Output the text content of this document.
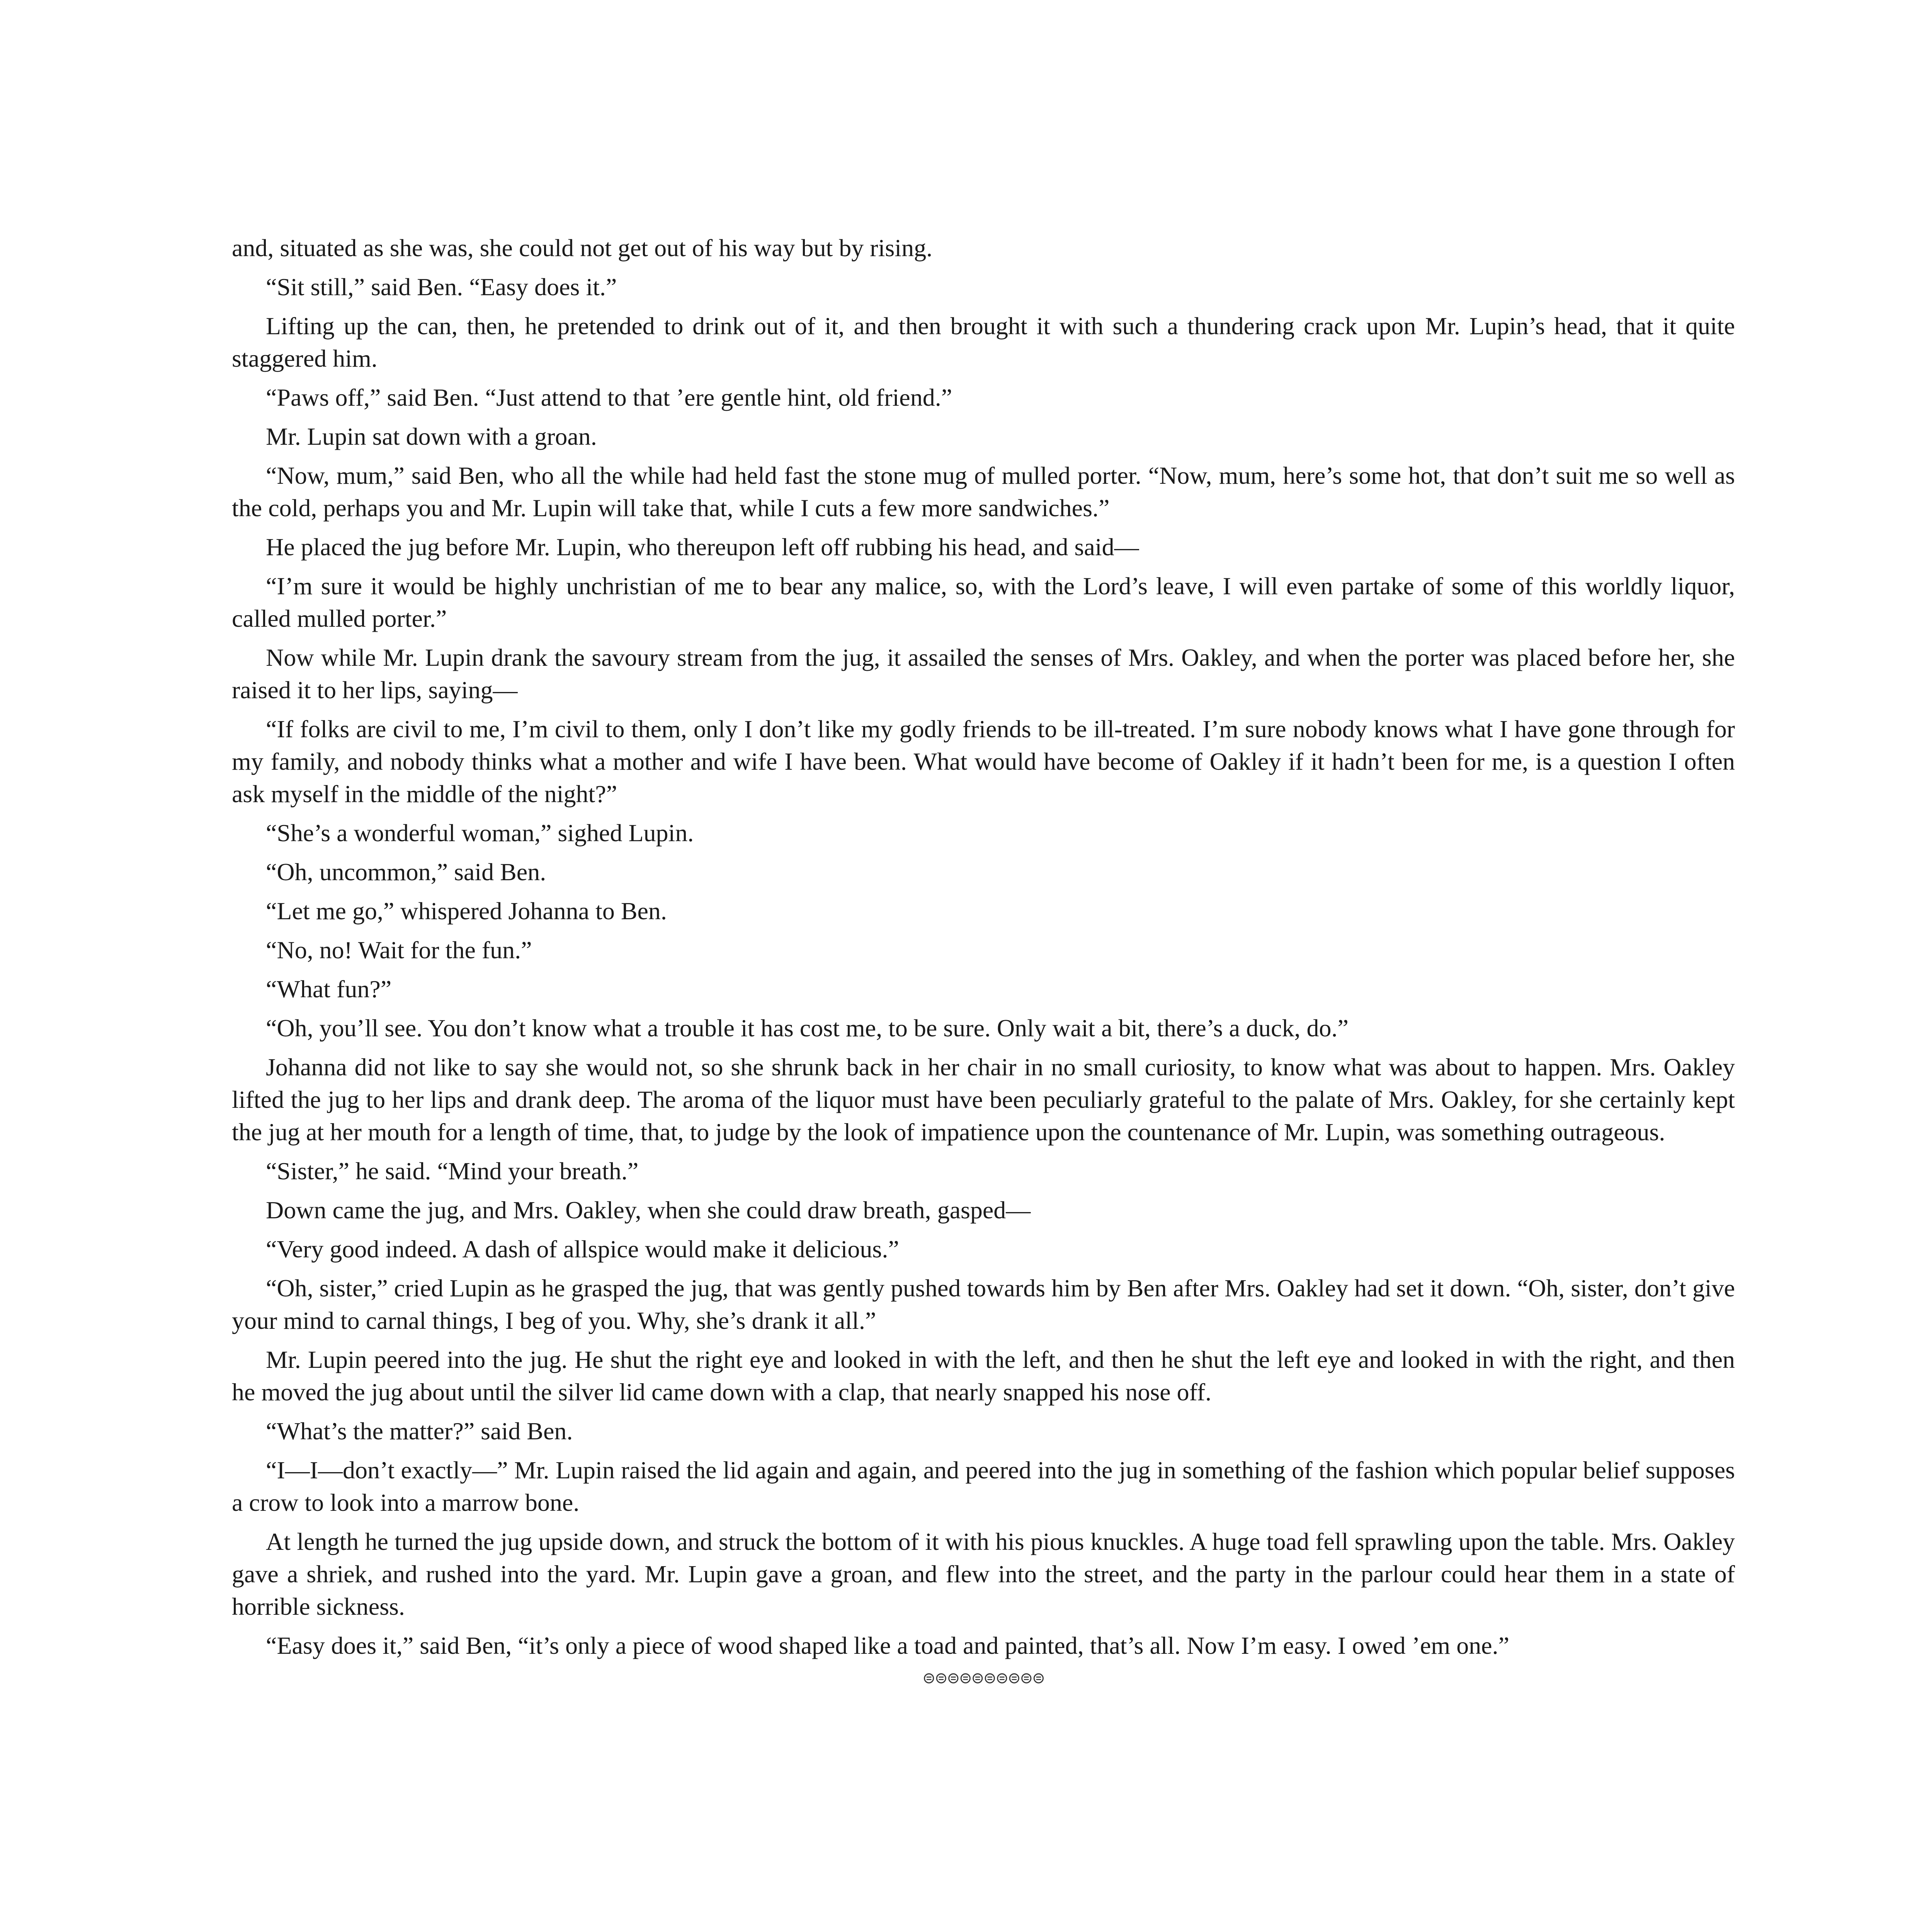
and, situated as she was, she could not get out of his way but by rising.

“Sit still,” said Ben. “Easy does it.”

Lifting up the can, then, he pretended to drink out of it, and then brought it with such a thundering crack upon Mr. Lupin’s head, that it quite staggered him.

“Paws off,” said Ben. “Just attend to that ’ere gentle hint, old friend.”

Mr. Lupin sat down with a groan.

“Now, mum,” said Ben, who all the while had held fast the stone mug of mulled porter. “Now, mum, here’s some hot, that don’t suit me so well as the cold, perhaps you and Mr. Lupin will take that, while I cuts a few more sandwiches.”

He placed the jug before Mr. Lupin, who thereupon left off rubbing his head, and said—

“I’m sure it would be highly unchristian of me to bear any malice, so, with the Lord’s leave, I will even partake of some of this worldly liquor, called mulled porter.”

Now while Mr. Lupin drank the savoury stream from the jug, it assailed the senses of Mrs. Oakley, and when the porter was placed before her, she raised it to her lips, saying—

“If folks are civil to me, I’m civil to them, only I don’t like my godly friends to be ill-treated. I’m sure nobody knows what I have gone through for my family, and nobody thinks what a mother and wife I have been. What would have become of Oakley if it hadn’t been for me, is a question I often ask myself in the middle of the night?”

“She’s a wonderful woman,” sighed Lupin.

“Oh, uncommon,” said Ben.

“Let me go,” whispered Johanna to Ben.

“No, no! Wait for the fun.”

“What fun?”

“Oh, you’ll see. You don’t know what a trouble it has cost me, to be sure. Only wait a bit, there’s a duck, do.”

Johanna did not like to say she would not, so she shrunk back in her chair in no small curiosity, to know what was about to happen. Mrs. Oakley lifted the jug to her lips and drank deep. The aroma of the liquor must have been peculiarly grateful to the palate of Mrs. Oakley, for she certainly kept the jug at her mouth for a length of time, that, to judge by the look of impatience upon the countenance of Mr. Lupin, was something outrageous.

“Sister,” he said. “Mind your breath.”

Down came the jug, and Mrs. Oakley, when she could draw breath, gasped—

“Very good indeed. A dash of allspice would make it delicious.”

“Oh, sister,” cried Lupin as he grasped the jug, that was gently pushed towards him by Ben after Mrs. Oakley had set it down. “Oh, sister, don’t give your mind to carnal things, I beg of you. Why, she’s drank it all.”

Mr. Lupin peered into the jug. He shut the right eye and looked in with the left, and then he shut the left eye and looked in with the right, and then he moved the jug about until the silver lid came down with a clap, that nearly snapped his nose off.

“What’s the matter?” said Ben.

“I—I—don’t exactly—” Mr. Lupin raised the lid again and again, and peered into the jug in something of the fashion which popular belief supposes a crow to look into a marrow bone.

At length he turned the jug upside down, and struck the bottom of it with his pious knuckles. A huge toad fell sprawling upon the table. Mrs. Oakley gave a shriek, and rushed into the yard. Mr. Lupin gave a groan, and flew into the street, and the party in the parlour could hear them in a state of horrible sickness.

“Easy does it,” said Ben, “it’s only a piece of wood shaped like a toad and painted, that’s all. Now I’m easy. I owed ’em one.”

⊜⊜⊜⊜⊜⊜⊜⊜⊜⊜
